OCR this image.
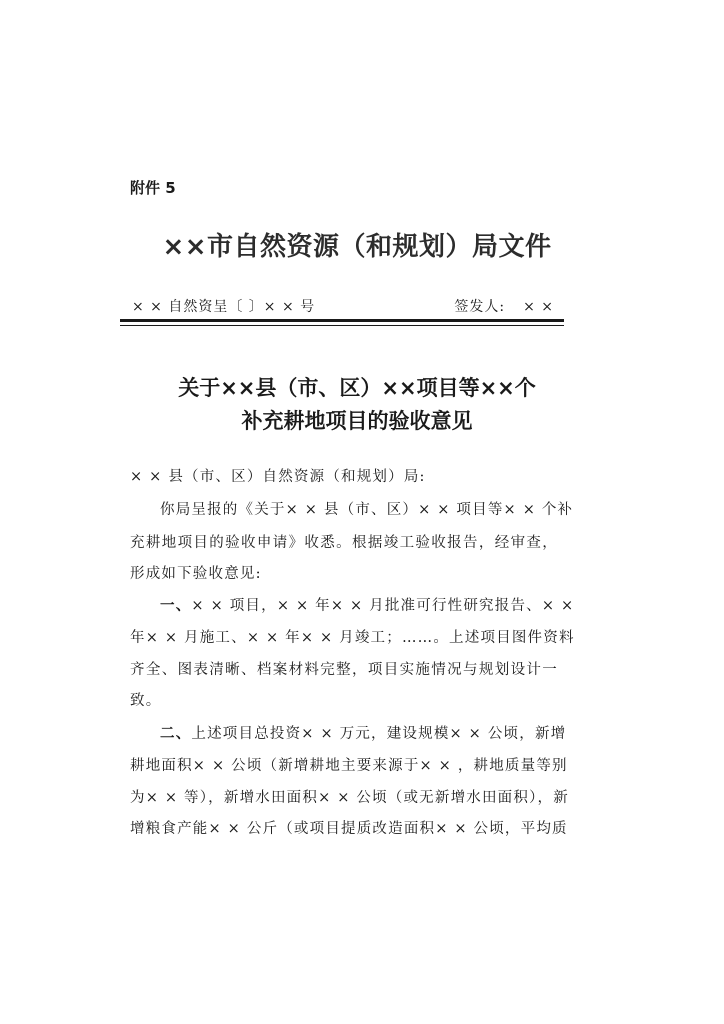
附件 5
××市自然资源（和规划）局文件
× × 自然资呈〔 〕× × 号	签发人: × ×
关于××县（市、区）××项目等××个
补充耕地项目的验收意见
× × 县（市、区）自然资源（和规划）局:
你局呈报的《关于× × 县（市、区）× × 项目等× × 个补
充耕地项目的验收申请》收悉。根据竣工验收报告，经审查，
形成如下验收意见:
一、 × × 项目，× × 年× × 月批准可行性研究报告、× ×
年× × 月施工、× × 年× × 月竣工；……。上述项目图件资料
齐全、图表清晰、档案材料完整，项目实施情况与规划设计一
致。
二、 上述项目总投资× × 万元，建设规模× × 公顷，新增
耕地面积× × 公顷（新增耕地主要来源于× × ，耕地质量等别
为× × 等），新增水田面积× × 公顷（或无新增水田面积），新
增粮食产能× × 公斤（或项目提质改造面积× × 公顷，平均质
